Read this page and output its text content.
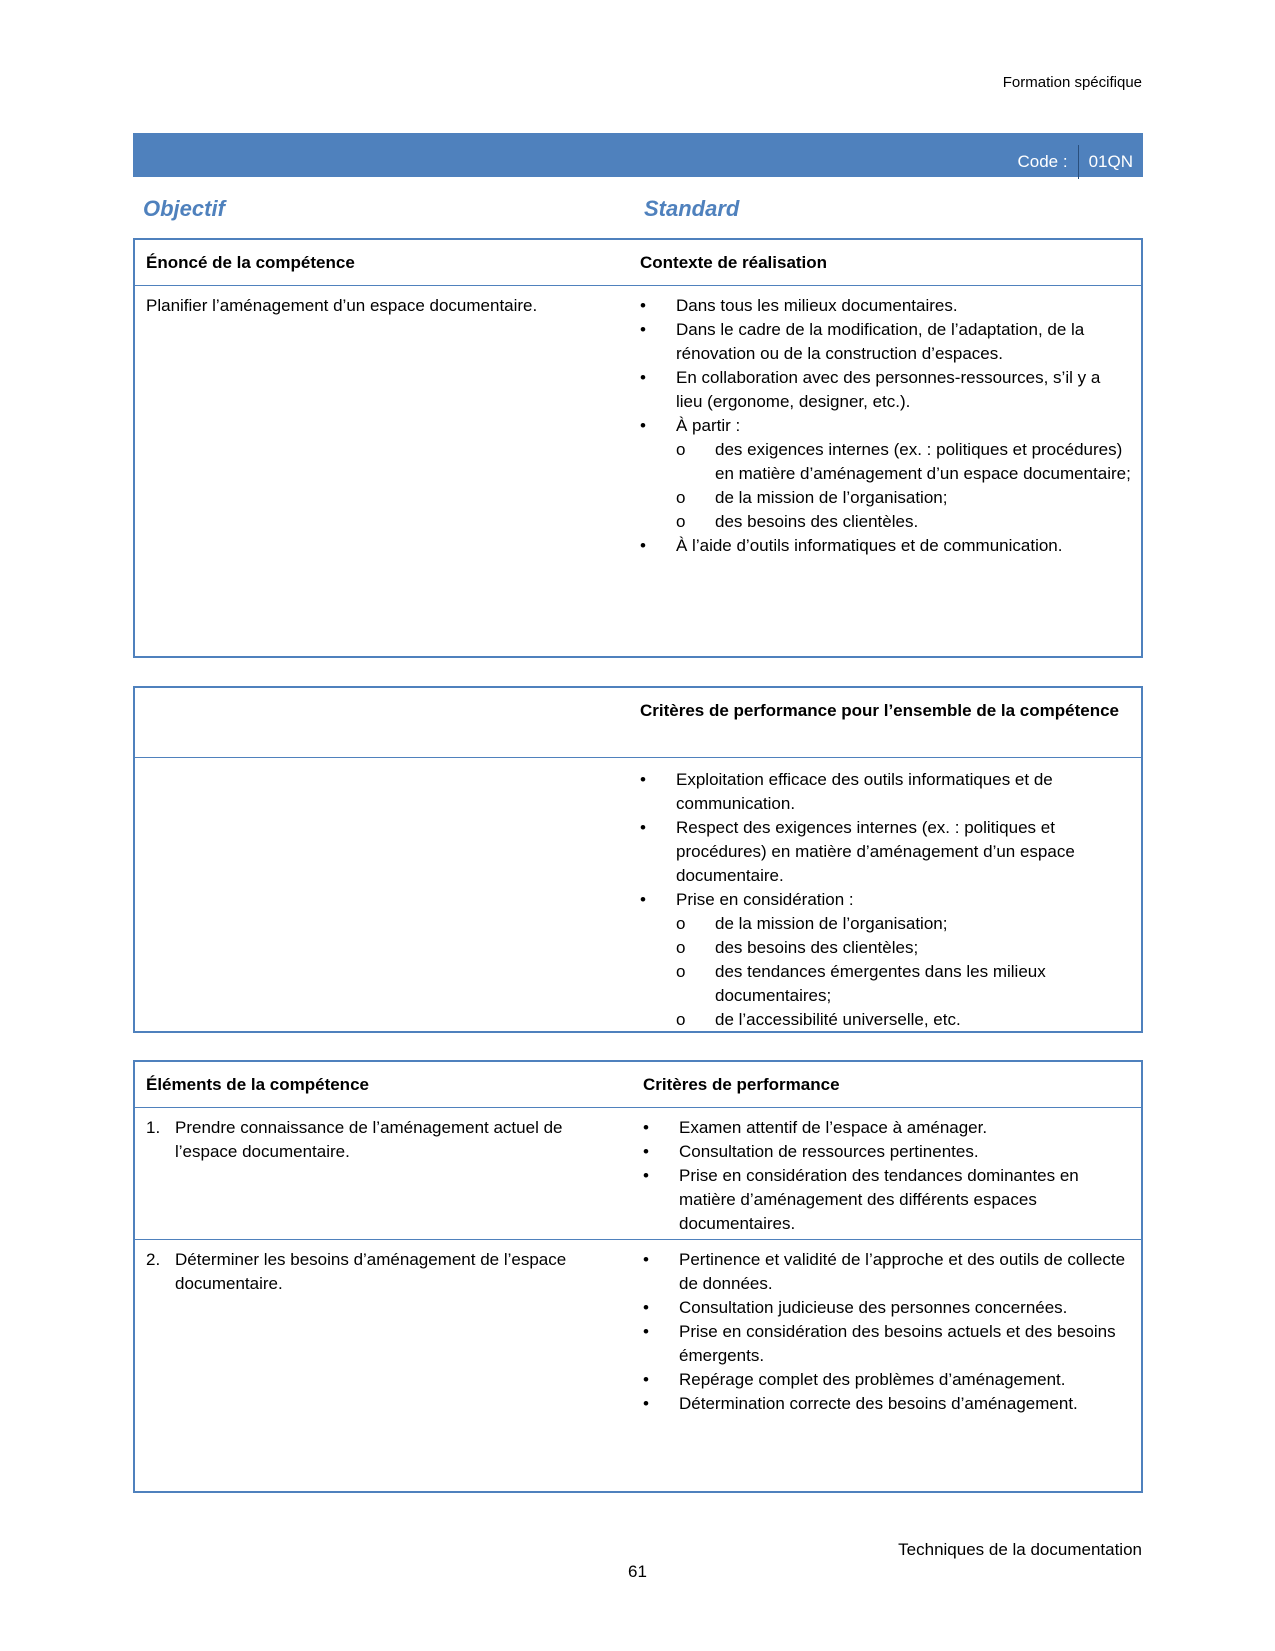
Formation spécifique
Code : 01QN
Objectif	Standard
Énoncé de la compétence	Contexte de réalisation
Planifier l’aménagement d’un espace documentaire.
•	Dans tous les milieux documentaires.
• Dans le cadre de la modification, de l’adaptation, de la rénovation ou de la construction d’espaces.
• En collaboration avec des personnes-ressources, s’il y a lieu (ergonome, designer, etc.).
• À partir :
o des exigences internes (ex. : politiques et procédures) en matière d’aménagement d’un espace documentaire;
o de la mission de l’organisation;
o des besoins des clientèles.
• À l’aide d’outils informatiques et de communication.
Critères de performance pour l’ensemble de la compétence
• Exploitation efficace des outils informatiques et de communication.
• Respect des exigences internes (ex. : politiques et procédures) en matière d’aménagement d’un espace documentaire.
• Prise en considération :
o de la mission de l’organisation;
o des besoins des clientèles;
o des tendances émergentes dans les milieux documentaires;
o de l’accessibilité universelle, etc.
Éléments de la compétence	Critères de performance
1. Prendre connaissance de l’aménagement actuel de l’espace documentaire.
• Examen attentif de l’espace à aménager.
• Consultation de ressources pertinentes.
• Prise en considération des tendances dominantes en matière d’aménagement des différents espaces documentaires.
2. Déterminer les besoins d’aménagement de l’espace documentaire.
• Pertinence et validité de l’approche et des outils de collecte de données.
• Consultation judicieuse des personnes concernées.
• Prise en considération des besoins actuels et des besoins émergents.
• Repérage complet des problèmes d’aménagement.
• Détermination correcte des besoins d’aménagement.
Techniques de la documentation
61
